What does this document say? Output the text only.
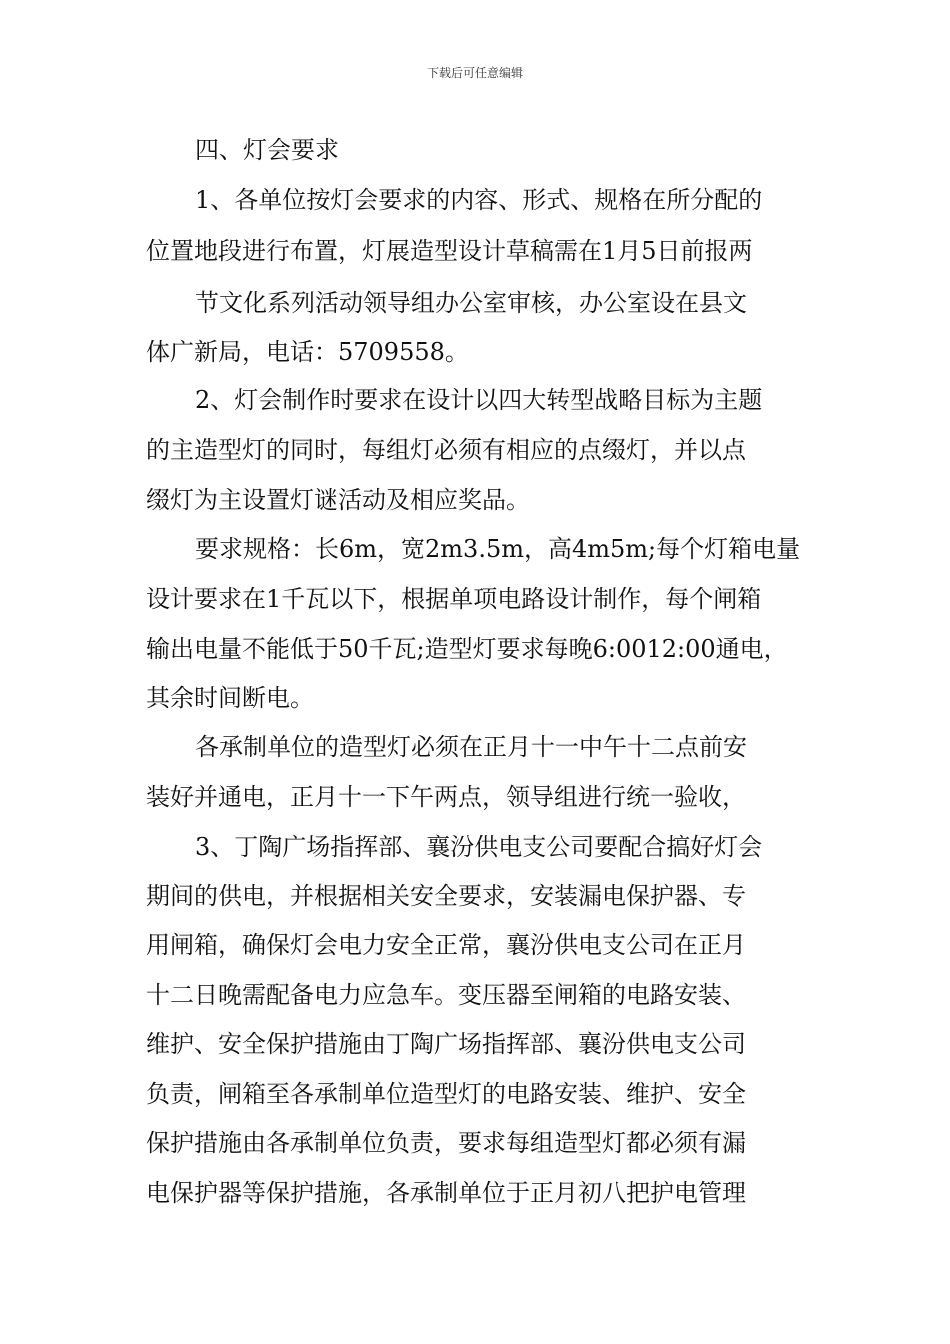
下载后可任意编辑
四、灯会要求
1、各单位按灯会要求的内容、形式、规格在所分配的
位置地段进行布置，灯展造型设计草稿需在1月5日前报两
节文化系列活动领导组办公室审核，办公室设在县文
体广新局，电话：5709558。
2、灯会制作时要求在设计以四大转型战略目标为主题
的主造型灯的同时，每组灯必须有相应的点缀灯，并以点
缀灯为主设置灯谜活动及相应奖品。
要求规格：长6m，宽2m3.5m，高4m5m;每个灯箱电量
设计要求在1千瓦以下，根据单项电路设计制作，每个闸箱
输出电量不能低于50千瓦;造型灯要求每晚6:0012:00通电，
其余时间断电。
各承制单位的造型灯必须在正月十一中午十二点前安
装好并通电，正月十一下午两点，领导组进行统一验收，
3、丁陶广场指挥部、襄汾供电支公司要配合搞好灯会
期间的供电，并根据相关安全要求，安装漏电保护器、专
用闸箱，确保灯会电力安全正常，襄汾供电支公司在正月
十二日晚需配备电力应急车。变压器至闸箱的电路安装、
维护、安全保护措施由丁陶广场指挥部、襄汾供电支公司
负责，闸箱至各承制单位造型灯的电路安装、维护、安全
保护措施由各承制单位负责，要求每组造型灯都必须有漏
电保护器等保护措施，各承制单位于正月初八把护电管理
